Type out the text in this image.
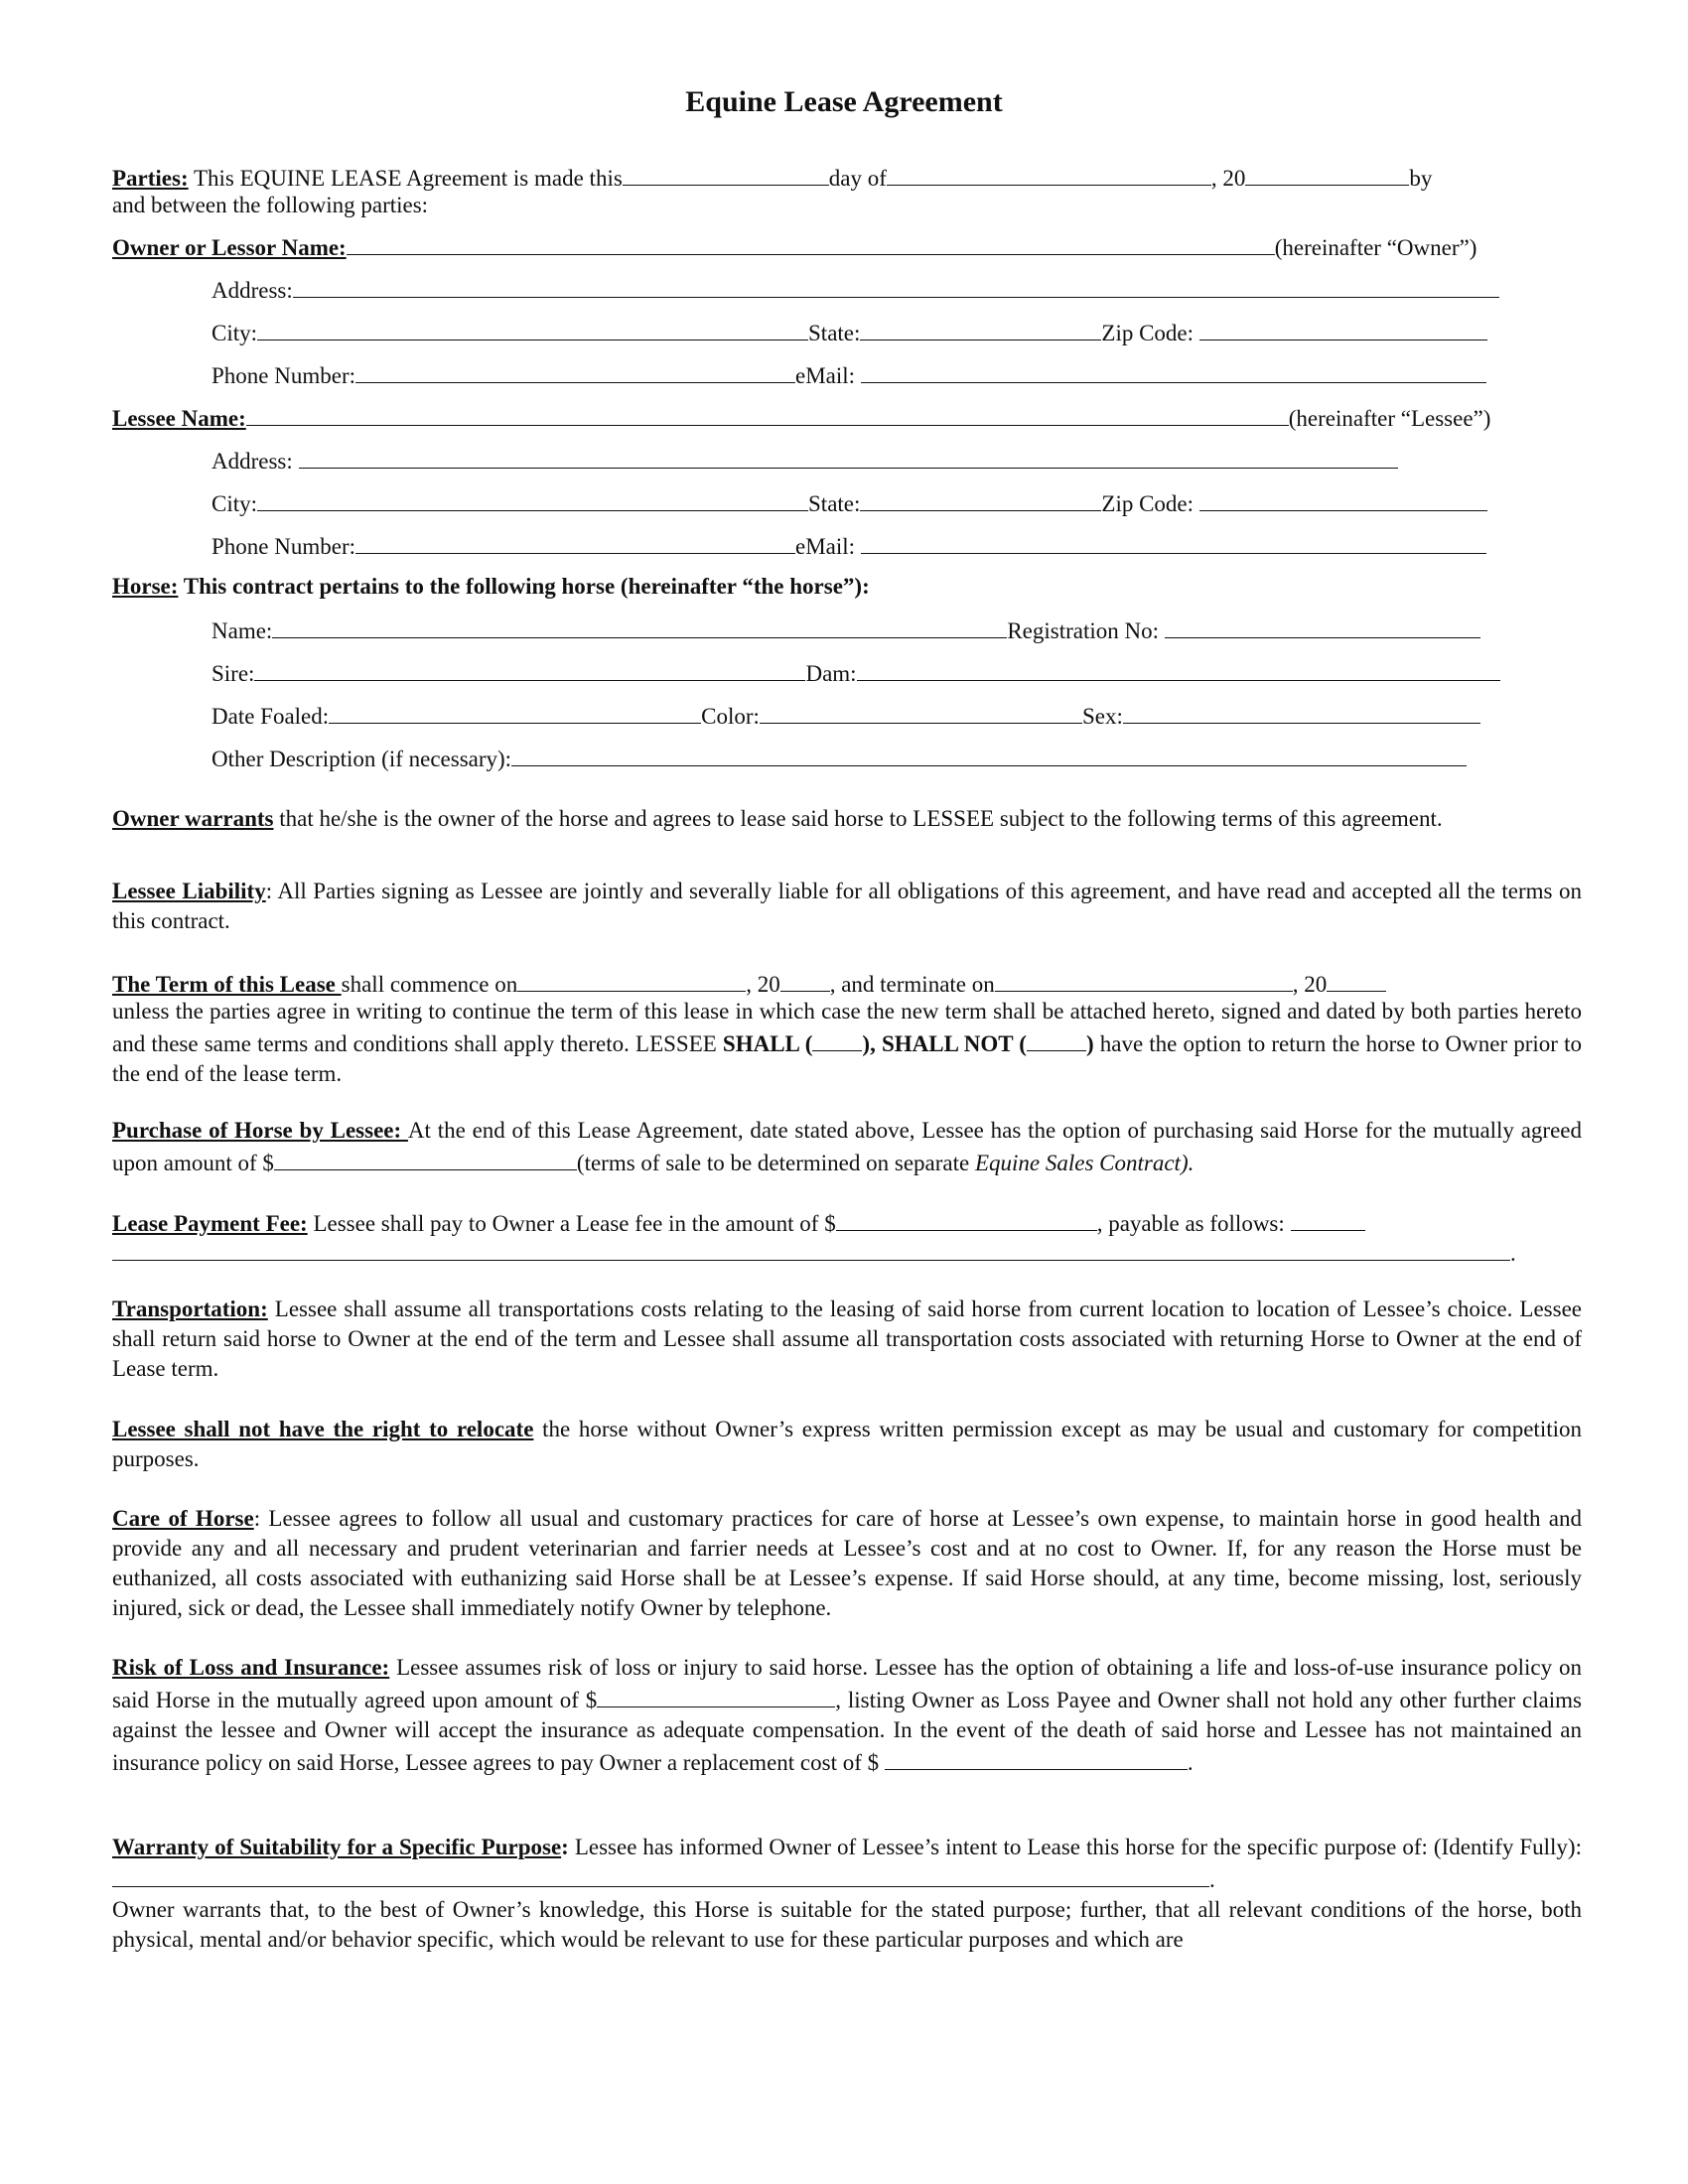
Equine Lease Agreement
Parties: This EQUINE LEASE Agreement is made this	day of	, 20	by
and between the following parties:
Owner or Lessor Name:	(hereinafter “Owner”)
Address:
City:	State:	Zip Code:
Phone Number:	eMail:
Lessee Name:	(hereinafter “Lessee”)
Address:
City:	State:	Zip Code:
Phone Number:	eMail:
Horse: This contract pertains to the following horse (hereinafter “the horse”):
Name:	Registration No:
Sire:	Dam:
Date Foaled:	Color:	Sex:
Other Description (if necessary):
Owner warrants that he/she is the owner of the horse and agrees to lease said horse to LESSEE subject to the following terms of this agreement.
Lessee Liability: All Parties signing as Lessee are jointly and severally liable for all obligations of this agreement, and have read and accepted all the terms on this contract.
The Term of this Lease shall commence on	, 20 , and terminate on	, 20
unless the parties agree in writing to continue the term of this lease in which case the new term shall be attached hereto, signed and dated by both parties hereto and these same terms and conditions shall apply thereto. LESSEE SHALL ( ), SHALL NOT (	) have the option to return the horse to Owner prior to the end of the lease term.
Purchase of Horse by Lessee: At the end of this Lease Agreement, date stated above, Lessee has the option of purchasing said Horse for the mutually agreed upon amount of $	(terms of sale to be determined on separate Equine Sales Contract).
Lease Payment Fee: Lessee shall pay to Owner a Lease fee in the amount of $	, payable as follows:
.
Transportation: Lessee shall assume all transportations costs relating to the leasing of said horse from current location to location of Lessee’s choice. Lessee shall return said horse to Owner at the end of the term and Lessee shall assume all transportation costs associated with returning Horse to Owner at the end of Lease term.
Lessee shall not have the right to relocate the horse without Owner’s express written permission except as may be usual and customary for competition purposes.
Care of Horse: Lessee agrees to follow all usual and customary practices for care of horse at Lessee’s own expense, to maintain horse in good health and provide any and all necessary and prudent veterinarian and farrier needs at Lessee’s cost and at no cost to Owner. If, for any reason the Horse must be euthanized, all costs associated with euthanizing said Horse shall be at Lessee’s expense. If said Horse should, at any time, become missing, lost, seriously injured, sick or dead, the Lessee shall immediately notify Owner by telephone.
Risk of Loss and Insurance: Lessee assumes risk of loss or injury to said horse. Lessee has the option of obtaining a life and loss-of-use insurance policy on said Horse in the mutually agreed upon amount of $	, listing Owner as Loss Payee and Owner shall not hold any other further claims against the lessee and Owner will accept the insurance as adequate compensation. In the event of the death of said horse and Lessee has not maintained an insurance policy on said Horse, Lessee agrees to pay Owner a replacement cost of $	.
Warranty of Suitability for a Specific Purpose: Lessee has informed Owner of Lessee’s intent to Lease this horse for the specific purpose of: (Identify Fully):.
Owner warrants that, to the best of Owner’s knowledge, this Horse is suitable for the stated purpose; further, that all relevant conditions of the horse, both physical, mental and/or behavior specific, which would be relevant to use for these particular purposes and which are
